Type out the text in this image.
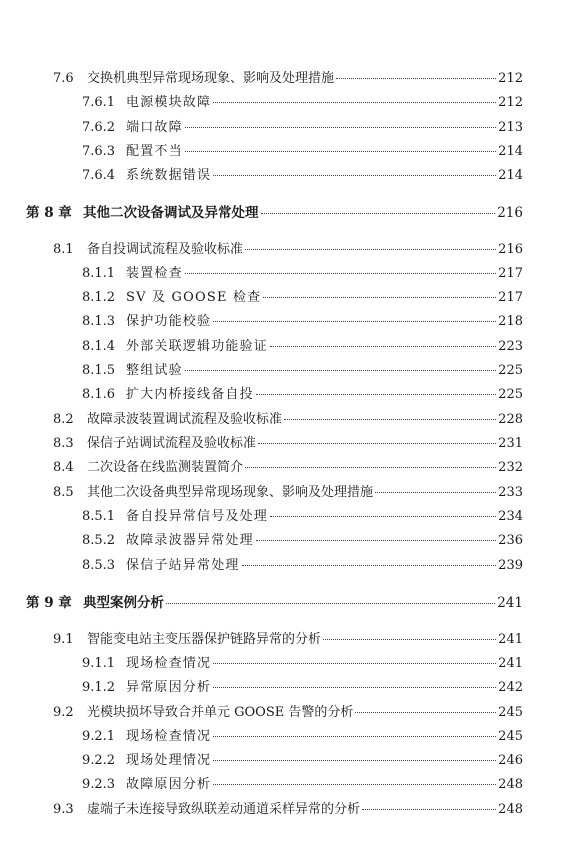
7.6	交换机典型异常现场现象、影响及处理措施	212
7.6.1 电源模块故障	212
7.6.2 端口故障	213
7.6.3 配置不当	214
7.6.4 系统数据错误	214
第 8 章 其他二次设备调试及异常处理	216
8.1	备自投调试流程及验收标准	216
8.1.1 装置检查	217
8.1.2 SV 及 GOOSE 检查	217
8.1.3 保护功能校验	218
8.1.4 外部关联逻辑功能验证	223
8.1.5 整组试验	225
8.1.6 扩大内桥接线备自投	225
8.2	故障录波装置调试流程及验收标准	228
8.3	保信子站调试流程及验收标准	231
8.4	二次设备在线监测装置简介	232
8.5	其他二次设备典型异常现场现象、影响及处理措施	233
8.5.1 备自投异常信号及处理	234
8.5.2 故障录波器异常处理	236
8.5.3 保信子站异常处理	239
第 9 章 典型案例分析	241
9.1	智能变电站主变压器保护链路异常的分析	241
9.1.1 现场检查情况	241
9.1.2 异常原因分析	242
9.2	光模块损坏导致合并单元 GOOSE 告警的分析	245
9.2.1 现场检查情况	245
9.2.2 现场处理情况	246
9.2.3 故障原因分析	248
9.3	虚端子未连接导致纵联差动通道采样异常的分析	248
